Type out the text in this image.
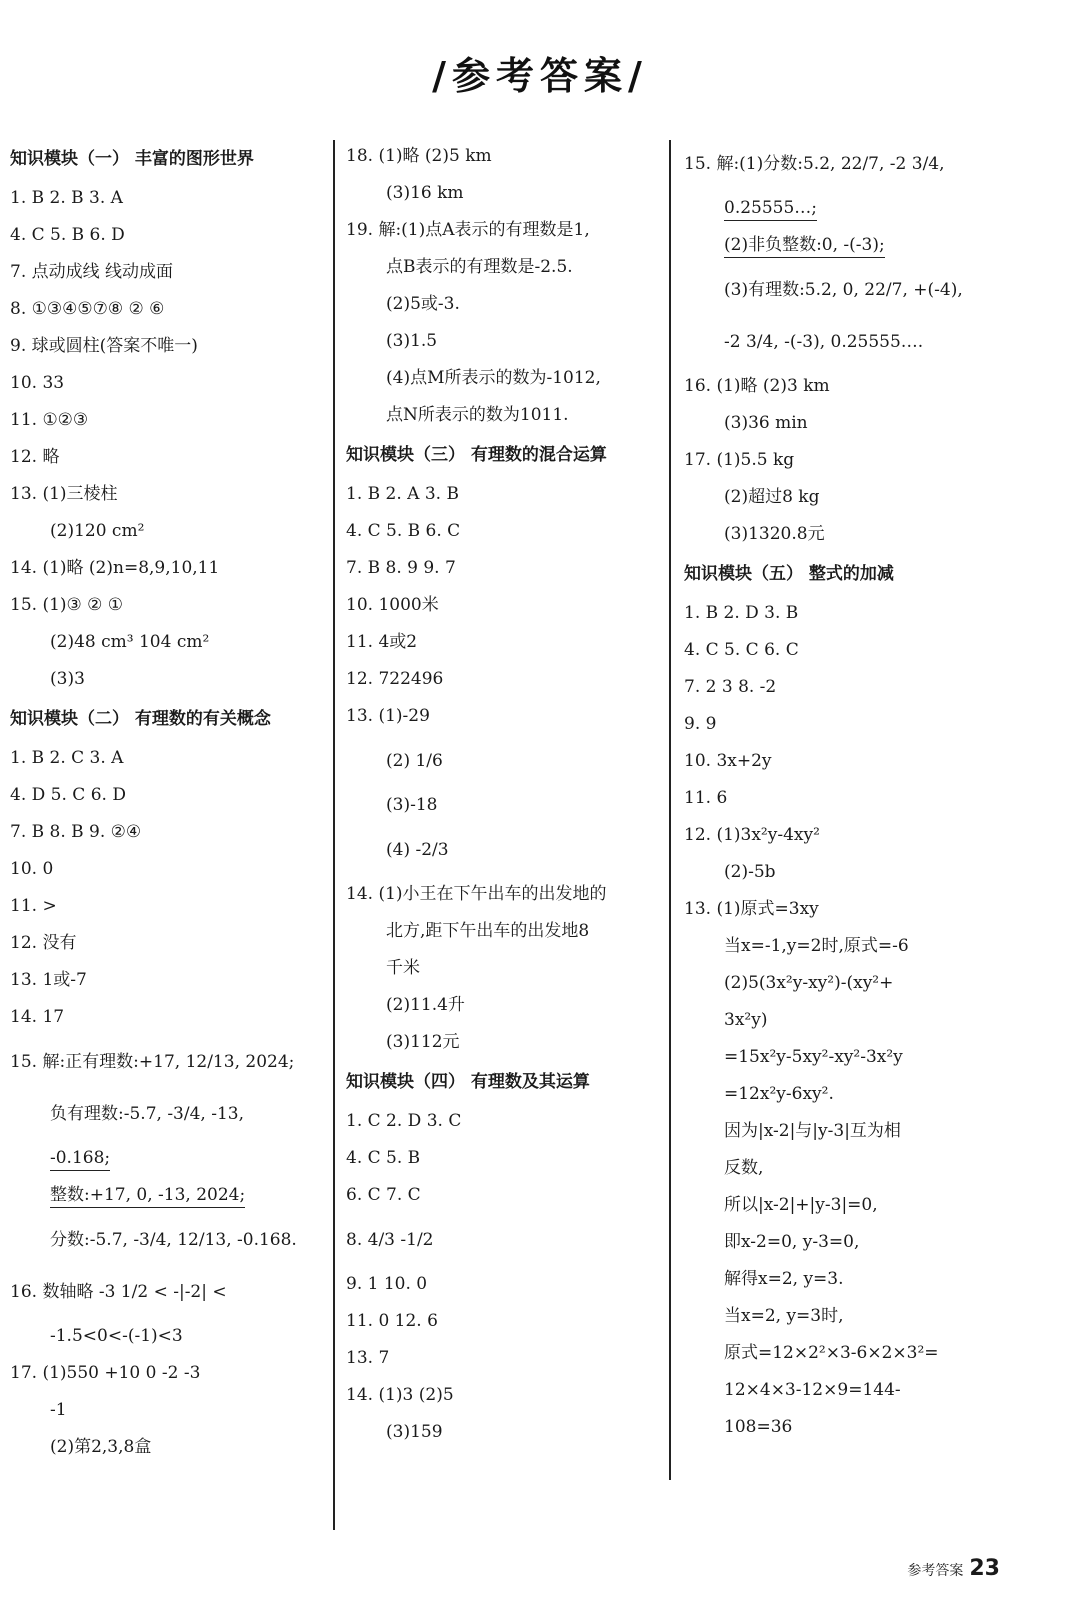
/参考答案/
知识模块（一） 丰富的图形世界
1. B 2. B 3. A
4. C 5. B 6. D
7. 点动成线 线动成面
8. ①③④⑤⑦⑧ ② ⑥
9. 球或圆柱(答案不唯一)
10. 33
11. ①②③
12. 略
13. (1)三棱柱
(2)120 cm²
14. (1)略 (2)n=8,9,10,11
15. (1)③ ② ①
(2)48 cm³ 104 cm²
(3)3
知识模块（二） 有理数的有关概念
1. B 2. C 3. A
4. D 5. C 6. D
7. B 8. B 9. ②④
10. 0
11. >
12. 没有
13. 1或-7
14. 17
15. 解:正有理数:+17, 12/13, 2024;
负有理数:-5.7, -3/4, -13,
-0.168;
整数:+17, 0, -13, 2024;
分数:-5.7, -3/4, 12/13, -0.168.
16. 数轴略 -3 1/2 < -|-2| <
-1.5<0<-(-1)<3
17. (1)550 +10 0 -2 -3
-1
(2)第2,3,8盒
18. (1)略 (2)5 km
(3)16 km
19. 解:(1)点A表示的有理数是1,
点B表示的有理数是-2.5.
(2)5或-3.
(3)1.5
(4)点M所表示的数为-1012,
点N所表示的数为1011.
知识模块（三） 有理数的混合运算
1. B 2. A 3. B
4. C 5. B 6. C
7. B 8. 9 9. 7
10. 1000米
11. 4或2
12. 722496
13. (1)-29
(2) 1/6
(3)-18
(4) -2/3
14. (1)小王在下午出车的出发地的
北方,距下午出车的出发地8
千米
(2)11.4升
(3)112元
知识模块（四） 有理数及其运算
1. C 2. D 3. C
4. C 5. B
6. C 7. C
8. 4/3 -1/2
9. 1 10. 0
11. 0 12. 6
13. 7
14. (1)3 (2)5
(3)159
15. 解:(1)分数:5.2, 22/7, -2 3/4,
0.25555…;
(2)非负整数:0, -(-3);
(3)有理数:5.2, 0, 22/7, +(-4),
-2 3/4, -(-3), 0.25555….
16. (1)略 (2)3 km
(3)36 min
17. (1)5.5 kg
(2)超过8 kg
(3)1320.8元
知识模块（五） 整式的加减
1. B 2. D 3. B
4. C 5. C 6. C
7. 2 3 8. -2
9. 9
10. 3x+2y
11. 6
12. (1)3x²y-4xy²
(2)-5b
13. (1)原式=3xy
当x=-1,y=2时,原式=-6
(2)5(3x²y-xy²)-(xy²+
3x²y)
=15x²y-5xy²-xy²-3x²y
=12x²y-6xy².
因为|x-2|与|y-3|互为相
反数,
所以|x-2|+|y-3|=0,
即x-2=0, y-3=0,
解得x=2, y=3.
当x=2, y=3时,
原式=12×2²×3-6×2×3²=
12×4×3-12×9=144-
108=36
参考答案 23
